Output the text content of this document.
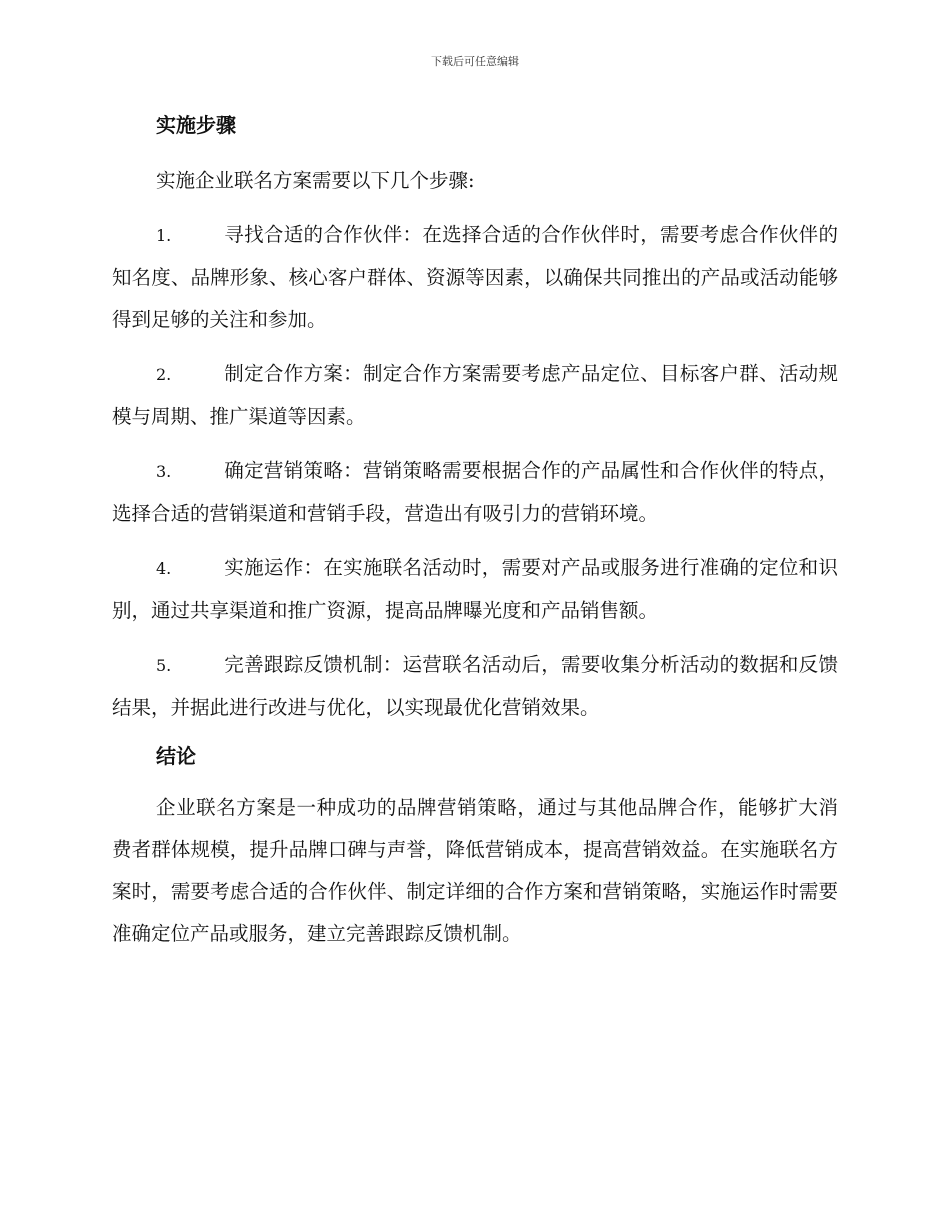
下载后可任意编辑
实施步骤

实施企业联名方案需要以下几个步骤:

1.	寻找合适的合作伙伴：在选择合适的合作伙伴时，需要考虑合作伙伴的知名度、品牌形象、核心客户群体、资源等因素，以确保共同推出的产品或活动能够得到足够的关注和参加。

2.	制定合作方案：制定合作方案需要考虑产品定位、目标客户群、活动规模与周期、推广渠道等因素。

3.	确定营销策略：营销策略需要根据合作的产品属性和合作伙伴的特点，选择合适的营销渠道和营销手段，营造出有吸引力的营销环境。

4.	实施运作：在实施联名活动时，需要对产品或服务进行准确的定位和识别，通过共享渠道和推广资源，提高品牌曝光度和产品销售额。

5.	完善跟踪反馈机制：运营联名活动后，需要收集分析活动的数据和反馈结果，并据此进行改进与优化，以实现最优化营销效果。

结论

企业联名方案是一种成功的品牌营销策略，通过与其他品牌合作，能够扩大消费者群体规模，提升品牌口碑与声誉，降低营销成本，提高营销效益。在实施联名方案时，需要考虑合适的合作伙伴、制定详细的合作方案和营销策略，实施运作时需要准确定位产品或服务，建立完善跟踪反馈机制。
